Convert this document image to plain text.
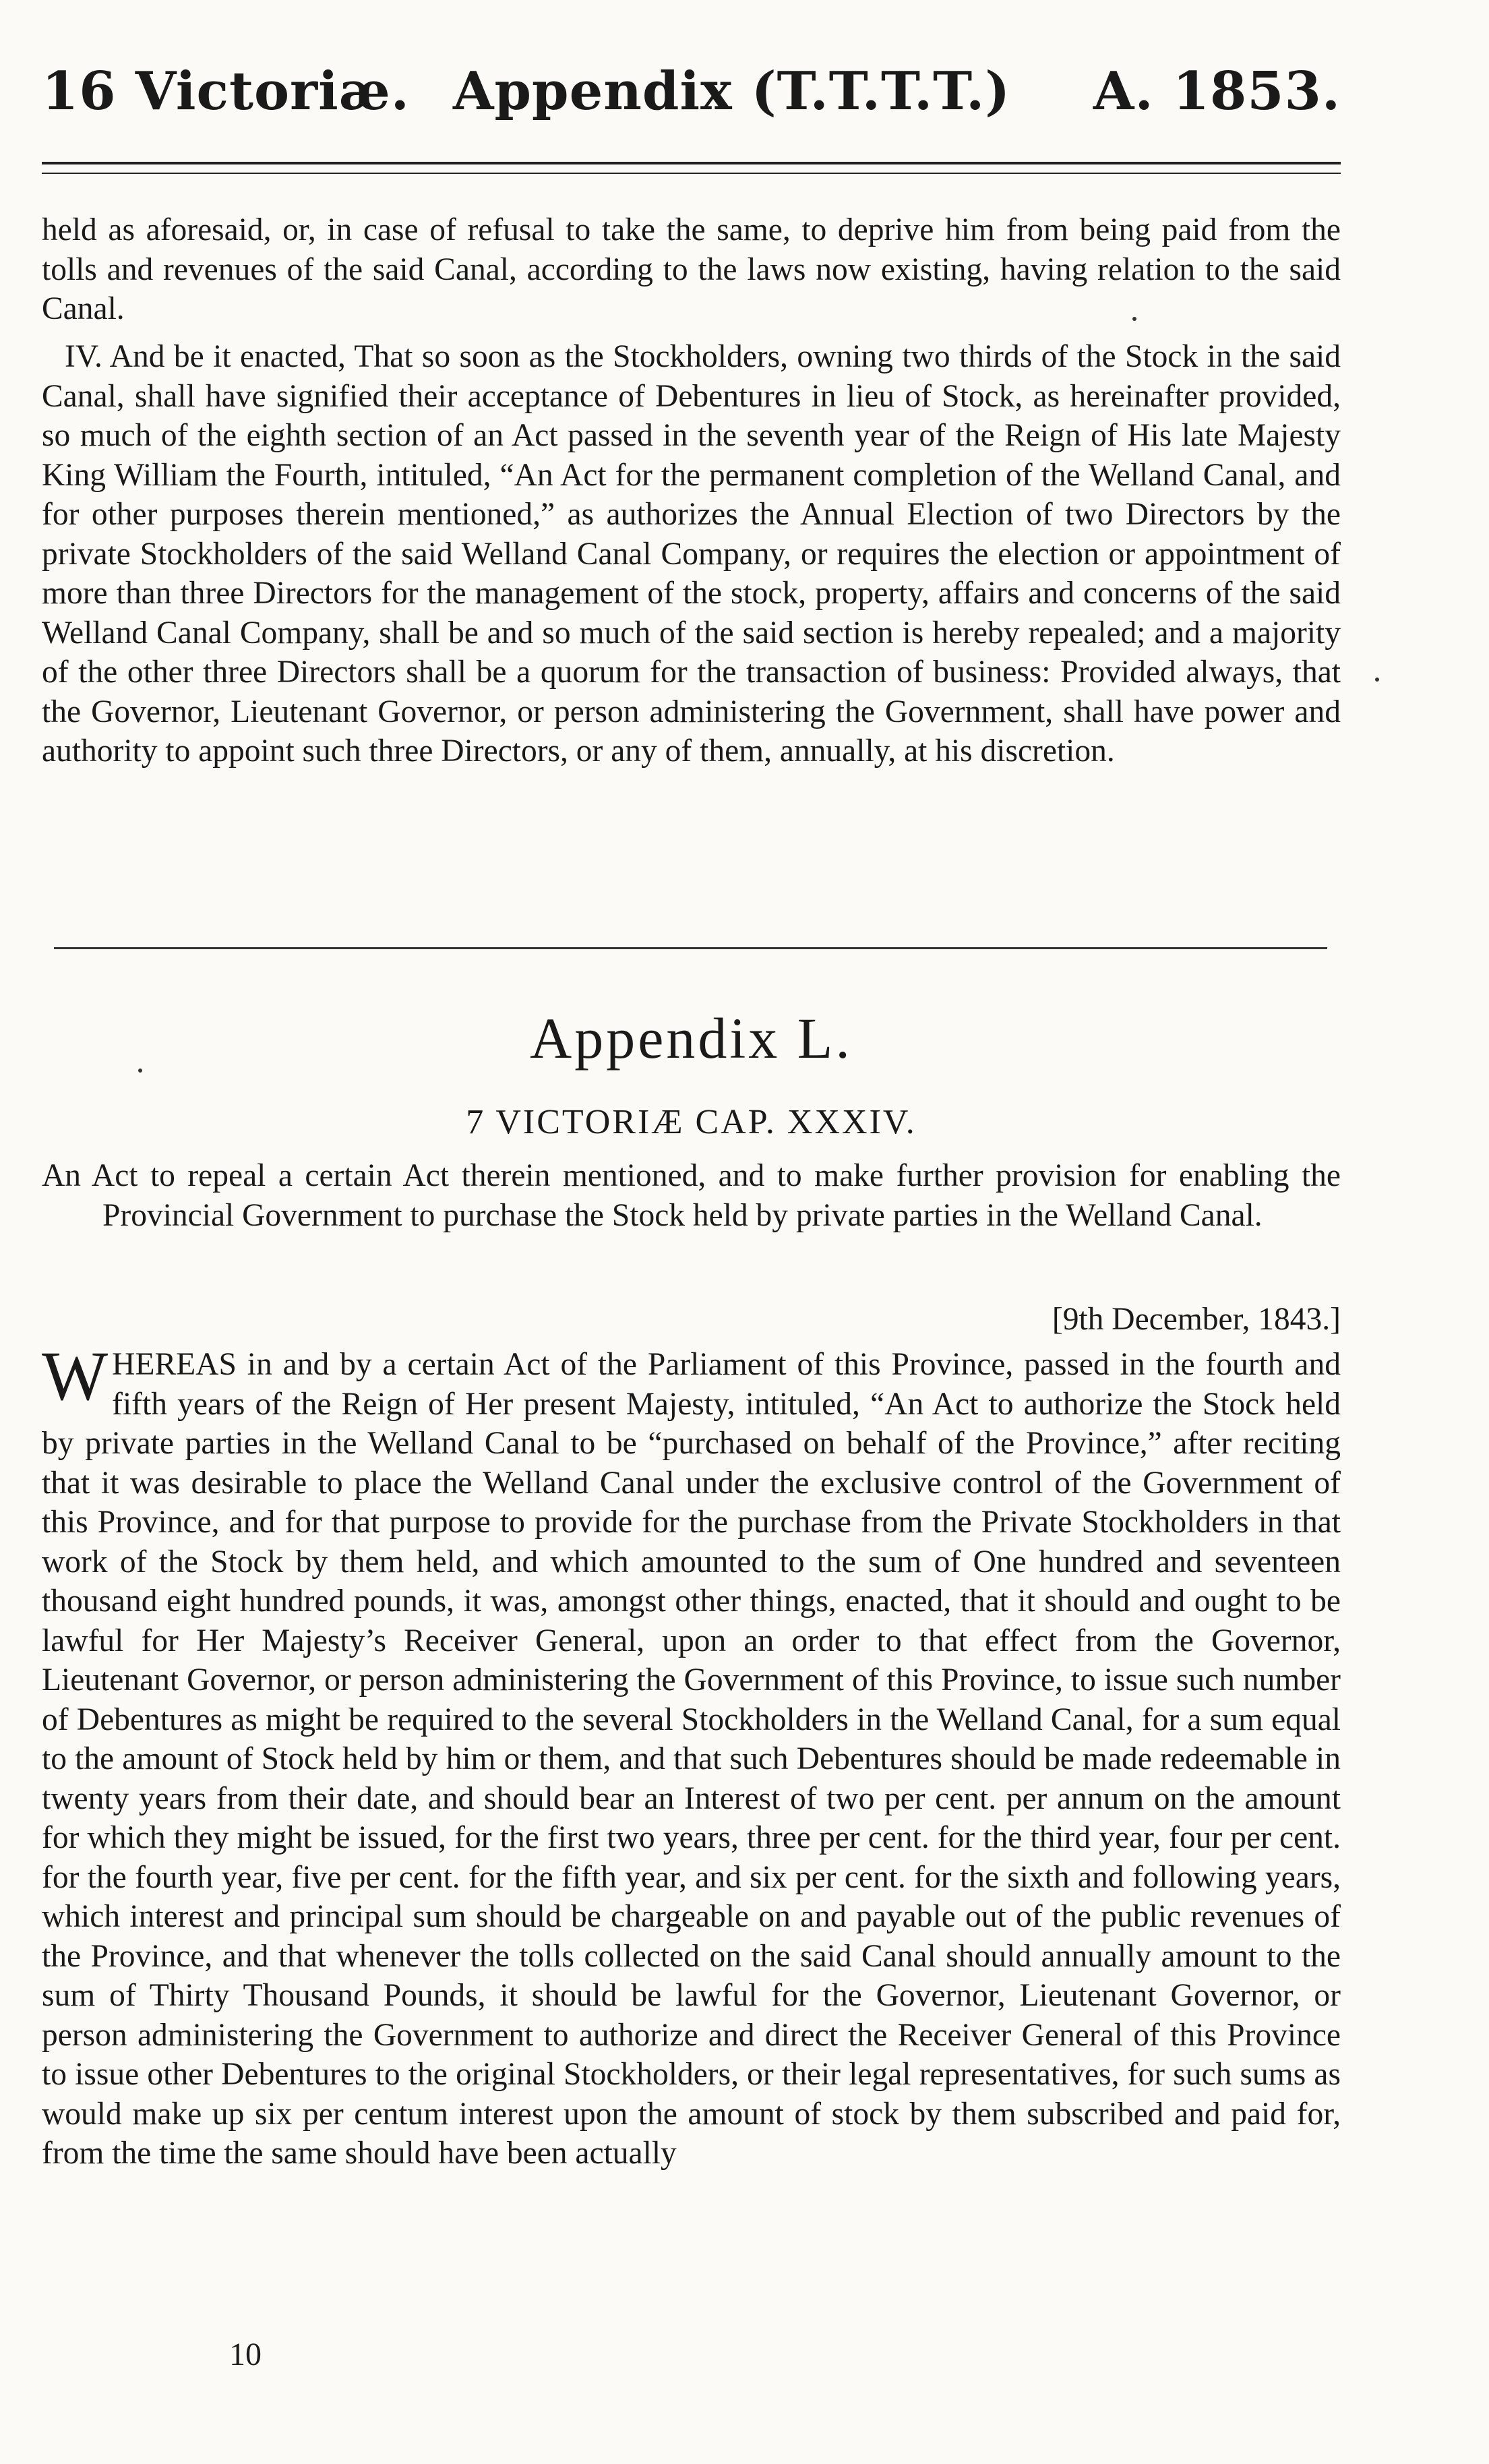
16 Victoriæ. Appendix (T.T.T.T.) A. 1853.
held as aforesaid, or, in case of refusal to take the same, to deprive him from being paid from the tolls and revenues of the said Canal, according to the laws now existing, having relation to the said Canal.
IV. And be it enacted, That so soon as the Stockholders, owning two thirds of the Stock in the said Canal, shall have signified their acceptance of Debentures in lieu of Stock, as hereinafter provided, so much of the eighth section of an Act passed in the seventh year of the Reign of His late Majesty King William the Fourth, intituled, “An Act for the permanent completion of the Welland Canal, and for other purposes therein mentioned,” as authorizes the Annual Election of two Directors by the private Stockholders of the said Welland Canal Company, or requires the election or appointment of more than three Directors for the management of the stock, property, affairs and concerns of the said Welland Canal Company, shall be and so much of the said section is hereby repealed; and a majority of the other three Directors shall be a quorum for the transaction of business: Provided always, that the Governor, Lieutenant Governor, or person administering the Government, shall have power and authority to appoint such three Directors, or any of them, annually, at his discretion.
Appendix L.
7 VICTORIÆ CAP. XXXIV.
An Act to repeal a certain Act therein mentioned, and to make further provision for enabling the Provincial Government to purchase the Stock held by private parties in the Welland Canal.
[9th December, 1843.]
WHEREAS in and by a certain Act of the Parliament of this Province, passed in the fourth and fifth years of the Reign of Her present Majesty, intituled, “An Act to authorize the Stock held by private parties in the Welland Canal to be “purchased on behalf of the Province,” after reciting that it was desirable to place the Welland Canal under the exclusive control of the Government of this Province, and for that purpose to provide for the purchase from the Private Stockholders in that work of the Stock by them held, and which amounted to the sum of One hundred and seventeen thousand eight hundred pounds, it was, amongst other things, enacted, that it should and ought to be lawful for Her Majesty’s Receiver General, upon an order to that effect from the Governor, Lieutenant Governor, or person administering the Government of this Province, to issue such number of Debentures as might be required to the several Stockholders in the Welland Canal, for a sum equal to the amount of Stock held by him or them, and that such Debentures should be made redeemable in twenty years from their date, and should bear an Interest of two per cent. per annum on the amount for which they might be issued, for the first two years, three per cent. for the third year, four per cent. for the fourth year, five per cent. for the fifth year, and six per cent. for the sixth and following years, which interest and principal sum should be chargeable on and payable out of the public revenues of the Province, and that whenever the tolls collected on the said Canal should annually amount to the sum of Thirty Thousand Pounds, it should be lawful for the Governor, Lieutenant Governor, or person administering the Government to authorize and direct the Receiver General of this Province to issue other Debentures to the original Stockholders, or their legal representatives, for such sums as would make up six per centum interest upon the amount of stock by them subscribed and paid for, from the time the same should have been actually
10
